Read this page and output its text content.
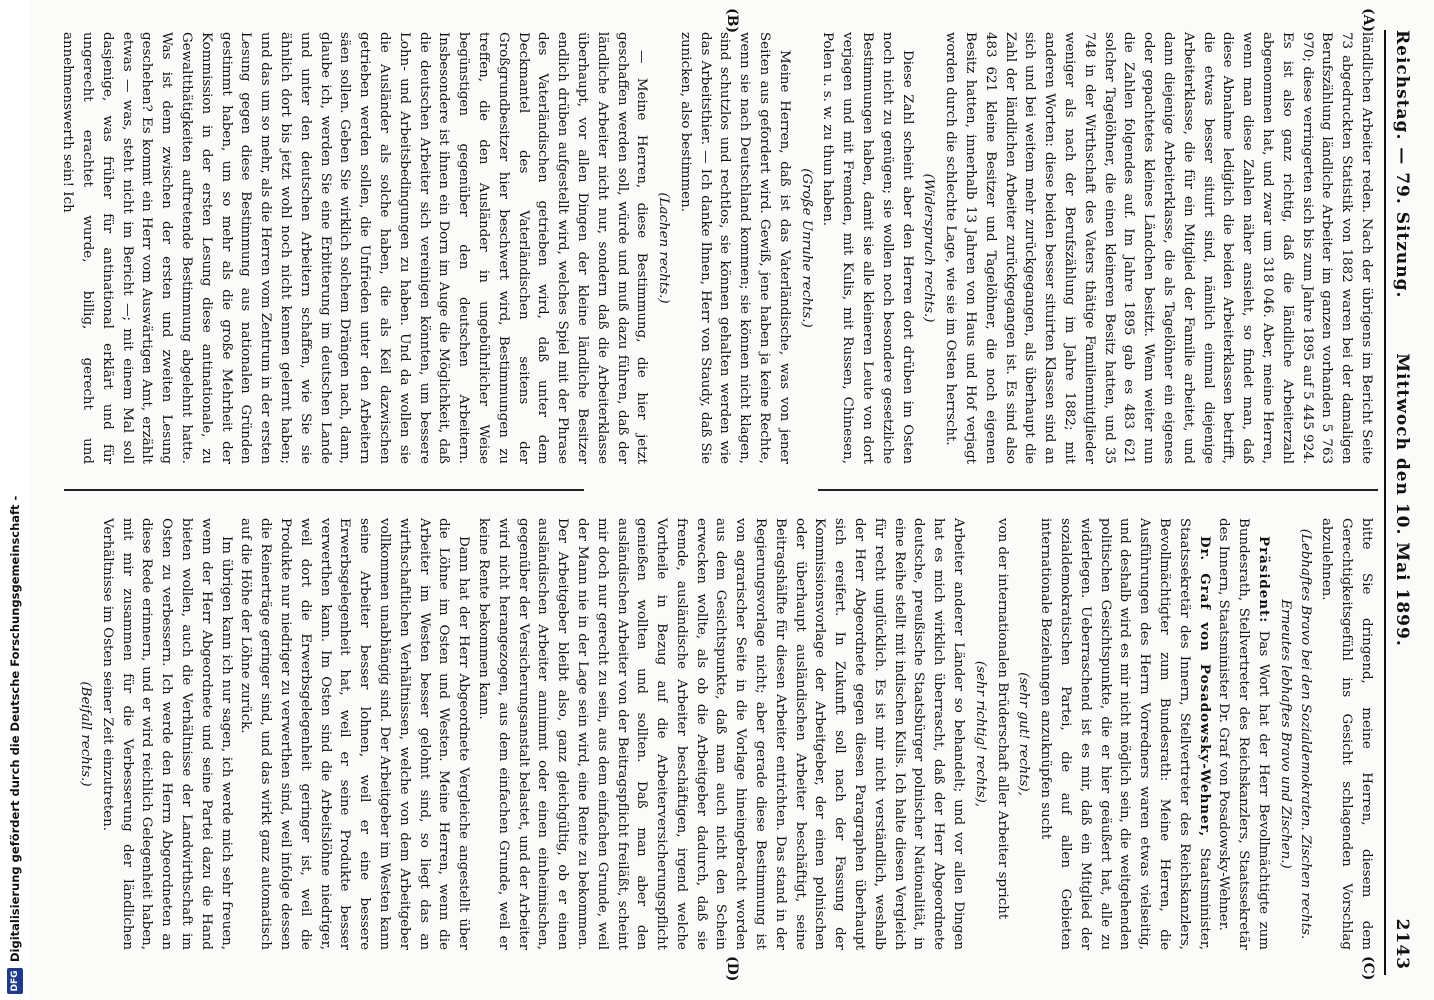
DFG
Digitalisierung gefördert durch die Deutsche Forschungsgemeinschaft -
Reichstag. — 79. Sitzung.
Mittwoch den 10. Mai 1899.
2143
(A)
(B)
(C)
(D)

ländlichen Arbeiter reden. Nach der übrigens im Bericht Seite 73 abgedruckten Statistik von 1882 waren bei der damaligen Berufszählung ländliche Arbeiter im ganzen vorhanden 5 763 970; diese verringerten sich bis zum Jahre 1895 auf 5 445 924. Es ist also ganz richtig, daß die ländliche Arbeiterzahl abgenommen hat, und zwar um 318 046. Aber, meine Herren, wenn man diese Zahlen näher ansieht, so findet man, daß diese Abnahme lediglich die beiden Arbeiterklassen betrifft, die etwas besser situirt sind, nämlich einmal diejenige Arbeiterklasse, die für ein Mitglied der Familie arbeitet, und dann diejenige Arbeiterklasse, die als Tagelöhner ein eigenes oder gepachtetes kleines Ländchen besitzt. Wenn weiter nun die Zahlen folgendes auf. Im Jahre 1895 gab es 483 621 solcher Tagelöhner, die einen kleineren Besitz hatten, und 35 748 in der Wirthschaft des Vaters thätige Familienmitglieder weniger als nach der Berufszählung im Jahre 1882; mit anderen Worten: diese beiden besser situirten Klassen sind an sich und bei weitem mehr zurückgegangen, als überhaupt die Zahl der ländlichen Arbeiter zurückgegangen ist. Es sind also 483 621 kleine Besitzer und Tagelöhner, die noch eigenen Besitz hatten, innerhalb 13 Jahren von Haus und Hof verjagt worden durch die schlechte Lage, wie sie im Osten herrscht.

(Widerspruch rechts.)

Diese Zahl scheint aber den Herren dort drüben im Osten noch nicht zu genügen; sie wollen noch besondere gesetzliche Bestimmungen haben, damit sie alle kleineren Leute von dort verjagen und mit Fremden, mit Kulis, mit Russen, Chinesen, Polen u. s. w. zu thun haben.

(Große Unruhe rechts.)

Meine Herren, daß ist das Vaterländische, was von jener Seiten aus gefordert wird. Gewiß, jene haben ja keine Rechte, wenn sie nach Deutschland kommen; sie können nicht klagen, sind schutzlos und rechtlos, sie können gehalten werden wie das Arbeitsthier. — Ich danke Ihnen, Herr von Staudy, daß Sie zunicken, also bestimmen.

(Lachen rechts.)

— Meine Herren, diese Bestimmung, die hier jetzt geschaffen werden soll, würde und muß dazu führen, daß der ländliche Arbeiter nicht nur, sondern daß die Arbeiterklasse überhaupt, vor allen Dingen der kleine ländliche Besitzer endlich drüben aufgestellt wird, welches Spiel mit der Phrase des Vaterländischen getrieben wird, daß unter dem Deckmantel des Vaterländischen seitens der Großgrundbesitzer hier beschwert wird, Bestimmungen zu treffen, die den Ausländer in ungebührlicher Weise begünstigen gegenüber den deutschen Arbeitern. Insbesondere ist ihnen ein Dorn im Auge die Möglichkeit, daß die deutschen Arbeiter sich vereinigen könnten, um bessere Lohn- und Arbeitsbedingungen zu haben. Und da wollen sie die Ausländer als solche haben, die als Keil dazwischen getrieben werden sollen, die Unfrieden unter den Arbeitern säen sollen. Geben Sie wirklich solchem Drängen nach, dann, glaube ich, werden Sie eine Erbitterung im deutschen Lande und unter den deutschen Arbeitern schaffen, wie Sie sie ähnlich dort bis jetzt wohl noch nicht kennen gelernt haben; und das um so mehr, als die Herren vom Zentrum in der ersten Lesung gegen diese Bestimmung aus nationalen Gründen gestimmt haben, um so mehr als die große Mehrheit der Kommission in der ersten Lesung diese antinationale, zu Gewaltthätigkeiten auftretende Bestimmung abgelehnt hatte. Was ist denn zwischen der ersten und zweiten Lesung geschehen? Es kommt ein Herr vom Auswärtigen Amt, erzählt etwas — was, steht nicht im Bericht —; mit einem Mal soll dasjenige, was früher für antinational erklärt und für ungerecht erachtet wurde, billig, gerecht und annehmenswerth sein! Ich

bitte Sie dringend, meine Herren, diesem dem Gerechtigkeitsgefühl ins Gesicht schlagenden Vorschlag abzulehnen.

(Lebhaftes Bravo bei den Sozialdemokraten. Zischen rechts. Erneutes lebhaftes Bravo und Zischen.)

Präsident: Das Wort hat der Herr Bevollmächtigte zum Bundesrath, Stellvertreter des Reichskanzlers, Staatssekretär des Innern, Staatsminister Dr. Graf von Posadowsky-Wehner.

Dr. Graf von Posadowsky-Wehner, Staatsminister, Staatssekretär des Innern, Stellvertreter des Reichskanzlers, Bevollmächtigter zum Bundesrath: Meine Herren, die Ausführungen des Herrn Vorredners waren etwas vielseitig, und deshalb wird es mir nicht möglich sein, die weitgehenden politischen Gesichtspunkte, die er hier geäußert hat, alle zu widerlegen. Ueberraschend ist es mir, daß ein Mitglied der sozialdemokratischen Partei, die auf allen Gebieten internationale Beziehungen anzuknüpfen sucht

(sehr gut! rechts),

von der internationalen Brüderschaft aller Arbeiter spricht

(sehr richtig! rechts),

Arbeiter anderer Länder so behandelt; und vor allen Dingen hat es mich wirklich überrascht, daß der Herr Abgeordnete deutsche, preußische Staatsbürger polnischer Nationalität, in eine Reihe stellt mit indischen Kulis. Ich halte diesen Vergleich für recht unglücklich. Es ist mir nicht verständlich, weshalb der Herr Abgeordnete gegen diesen Paragraphen überhaupt sich ereifert. In Zukunft soll nach der Fassung der Kommissionsvorlage der Arbeitgeber, der einen polnischen oder überhaupt ausländischen Arbeiter beschäftigt, seine Beitragshälfte für diesen Arbeiter entrichten. Das stand in der Regierungsvorlage nicht; aber gerade diese Bestimmung ist von agrarischer Seite in die Vorlage hineingebracht worden aus dem Gesichtspunkte, daß man auch nicht den Schein erwecken wollte, als ob die Arbeitgeber dadurch, daß sie fremde, ausländische Arbeiter beschäftigen, irgend welche Vortheile in Bezug auf die Arbeiterversicherungspflicht genießen wollten und sollten. Daß man aber den ausländischen Arbeiter von der Beitragspflicht freiläßt, scheint mir doch nur gerecht zu sein, aus dem einfachen Grunde, weil der Mann nie in der Lage sein wird, eine Rente zu bekommen. Der Arbeitgeber bleibt also, ganz gleichgültig, ob er einen ausländischen Arbeiter annimmt oder einen einheimischen, gegenüber der Versicherungsanstalt belastet, und der Arbeiter wird nicht herangezogen, aus dem einfachen Grunde, weil er keine Rente bekommen kann.

Dann hat der Herr Abgeordnete Vergleiche angestellt über die Löhne im Osten und Westen. Meine Herren, wenn die Arbeiter im Westen besser gelohnt sind, so liegt das an wirthschaftlichen Verhältnissen, welche von dem Arbeitgeber vollkommen unabhängig sind. Der Arbeitgeber im Westen kann seine Arbeiter besser lohnen, weil er eine bessere Erwerbsgelegenheit hat, weil er seine Produkte besser verwerthen kann. Im Osten sind die Arbeitslöhne niedriger, weil dort die Erwerbsgelegenheit geringer ist, weil die Produkte nur niedriger zu verwerthen sind, weil infolge dessen die Reinerträge geringer sind, und das wirkt ganz automatisch auf die Höhe der Löhne zurück.

Im übrigen kann ich nur sagen, ich werde mich sehr freuen, wenn der Herr Abgeordnete und seine Partei dazu die Hand bieten wollen, auch die Verhältnisse der Landwirthschaft im Osten zu verbessern. Ich werde den Herrn Abgeordneten an diese Rede erinnern, und er wird reichlich Gelegenheit haben, mit mir zusammen für die Verbesserung der ländlichen Verhältnisse im Osten seiner Zeit einzutreten.

(Beifall rechts.)
